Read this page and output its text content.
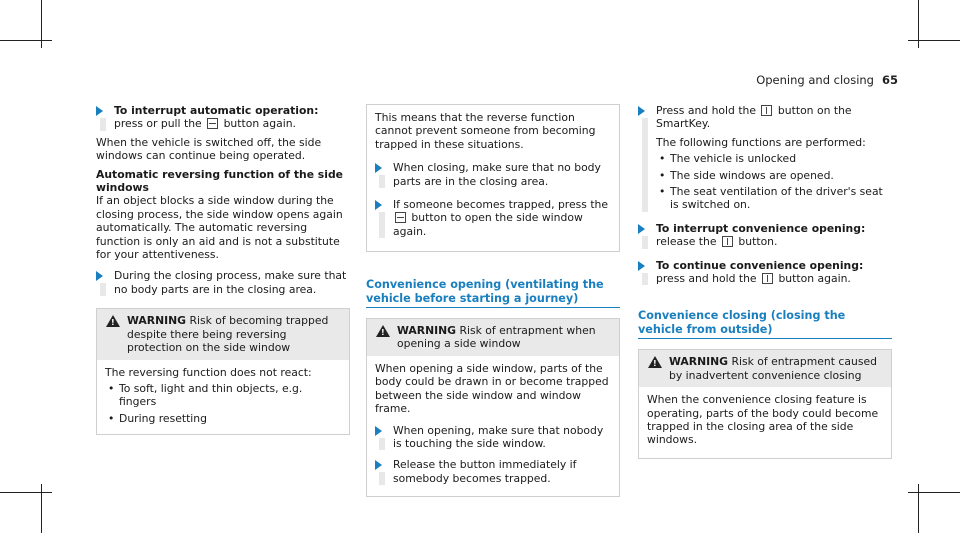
Opening and closing 65
To interrupt automatic operation: press or pull the  button again.

When the vehicle is switched off, the side windows can continue being operated.

Automatic reversing function of the side windows

If an object blocks a side window during the closing process, the side window opens again automatically. The automatic reversing function is only an aid and is not a substitute for your attentiveness.

During the closing process, make sure that no body parts are in the closing area.
!
WARNING Risk of becoming trapped despite there being reversing protection on the side window

The reversing function does not react:

• To soft, light and thin objects, e.g. fingers
• During resetting

This means that the reverse function cannot prevent someone from becoming trapped in these situations.

When closing, make sure that no body parts are in the closing area.
If someone becomes trapped, press the  button to open the side window again.
Convenience opening (ventilating the vehicle before starting a journey)
!
WARNING Risk of entrapment when opening a side window

When opening a side window, parts of the body could be drawn in or become trapped between the side window and window frame.

When opening, make sure that nobody is touching the side window.
Release the button immediately if somebody becomes trapped.
Press and hold the  button on the SmartKey.

The following functions are performed:

• The vehicle is unlocked
• The side windows are opened.
• The seat ventilation of the driver's seat is switched on.
To interrupt convenience opening: release the  button.
To continue convenience opening: press and hold the  button again.
Convenience closing (closing the vehicle from outside)
!
WARNING Risk of entrapment caused by inadvertent convenience closing

When the convenience closing feature is operating, parts of the body could become trapped in the closing area of the side windows.
